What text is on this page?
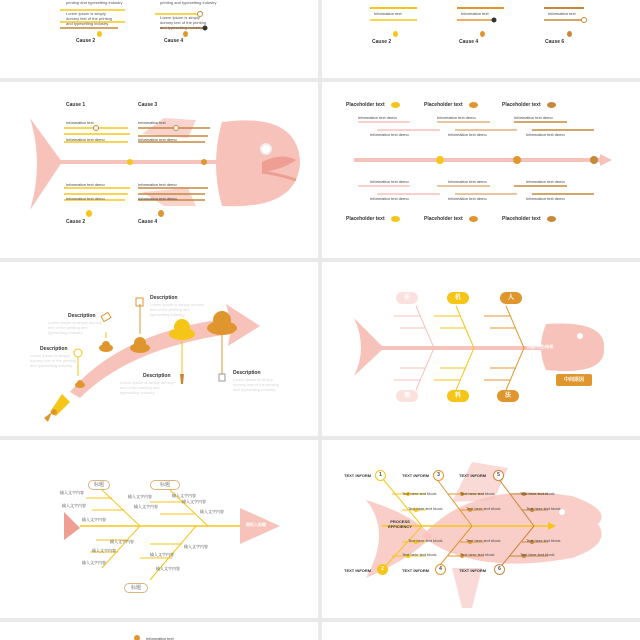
printing and typesetting industry	printing and typesetting industry
Lorem Ipsum is simply dummy text of the printing and typesetting industry.
Lorem Ipsum is simply dummy text of the printing and typesetting industry.
Cause 2	Cause 4
Information text	Information text	Information text
Cause 2	Cause 4	Cause 6
Cause 1	Cause 3
Information text
Information text demo
Information text
Information text demo
Information text demo
Information text demo
Information text demo
Information text demo
Cause 2	Cause 4
Placeholder text	Placeholder text	Placeholder text
Information text demo	Information text demo	Information text demo
Information text demo	Information text demo	Information text demo
Information text demo	Information text demo	Information text demo
Information text demo	Information text demo	Information text demo
Placeholder text	Placeholder text	Placeholder text
Description
Lorem Ipsum is simply dummy text of the printing and typesetting industry.
Description
Lorem Ipsum is simply dummy text of the printing and typesetting industry.
Description
Lorem Ipsum is simply dummy text of the printing and typesetting industry.
Description
Lorem Ipsum is simply dummy text of the printing and typesetting industry.
Description
Lorem Ipsum is simply dummy text of the printing and typesetting industry.
环	机	人
问题/特性/结果
中间原因
测	料	法
标题	标题
输入文字内容
输入文字内容	输入文字内容
输入文字内容	输入文字内容
输入文字内容
输入文字内容
输入文字内容
图标入标题
输入文字内容
输入文字内容
输入文字内容
输入文字内容
输入文字内容
输入文字内容
标题
TEXT INFORM	1	TEXT INFORM	3	TEXT INFORM	5
Text here text block	Text here text block	Text here text block
Text here text block	Text here text block	Text here text block
PROCESS EFFICIENCY
Text here text block	Text here text block	Text here text block
Text here text block	Text here text block	Text here text block
TEXT INFORM	2	TEXT INFORM	4	TEXT INFORM	6
Information text
